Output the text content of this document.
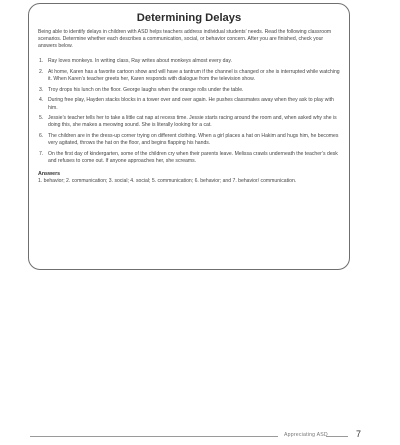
Determining Delays

Being able to identify delays in children with ASD helps teachers address individual students’ needs. Read the following classroom scenarios. Determine whether each describes a communication, social, or behavior concern. After you are finished, check your answers below.

1. Ray loves monkeys. In writing class, Ray writes about monkeys almost every day.
2. At home, Karen has a favorite cartoon show and will have a tantrum if the channel is changed or she is interrupted while watching it. When Karen’s teacher greets her, Karen responds with dialogue from the television show.
3. Troy drops his lunch on the floor. George laughs when the orange rolls under the table.
4. During free play, Hayden stacks blocks in a tower over and over again. He pushes classmates away when they ask to play with him.
5. Jessie’s teacher tells her to take a little cat nap at recess time. Jessie starts racing around the room and, when asked why she is doing this, she makes a meowing sound. She is literally looking for a cat.
6. The children are in the dress-up corner trying on different clothing. When a girl places a hat on Hakim and hugs him, he becomes very agitated, throws the hat on the floor, and begins flapping his hands.
7. On the first day of kindergarten, some of the children cry when their parents leave. Melissa crawls underneath the teacher’s desk and refuses to come out. If anyone approaches her, she screams.
Answers
1. behavior; 2. communication; 3. social; 4. social; 5. communication; 6. behavior; and 7. behavior/ communication.
Appreciating ASD	7
